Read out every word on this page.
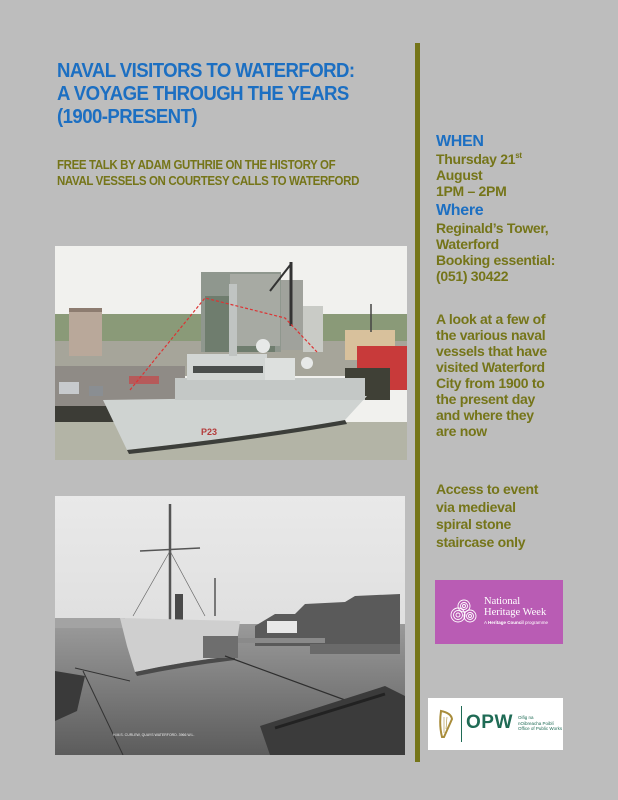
NAVAL VISITORS TO WATERFORD:
A VOYAGE THROUGH THE YEARS
(1900-PRESENT)
FREE TALK BY ADAM GUTHRIE ON THE HISTORY OF
NAVAL VESSELS ON COURTESY CALLS TO WATERFORD
P23
H.M.S. CURLEW, QUAYS WATERFORD. 3966 W.L.
WHEN
Thursday 21st
August
1PM – 2PM
Where
Reginald’s Tower,
Waterford
Booking essential:
(051) 30422
A look at a few of
the various naval
vessels that have
visited Waterford
City from 1900 to
the present day
and where they
are now
Access to event
via medieval
spiral stone
staircase only
National
Heritage Week
A Heritage Council programme
OPW Oifig na
nOibreacha Poiblí
Office of Public Works
